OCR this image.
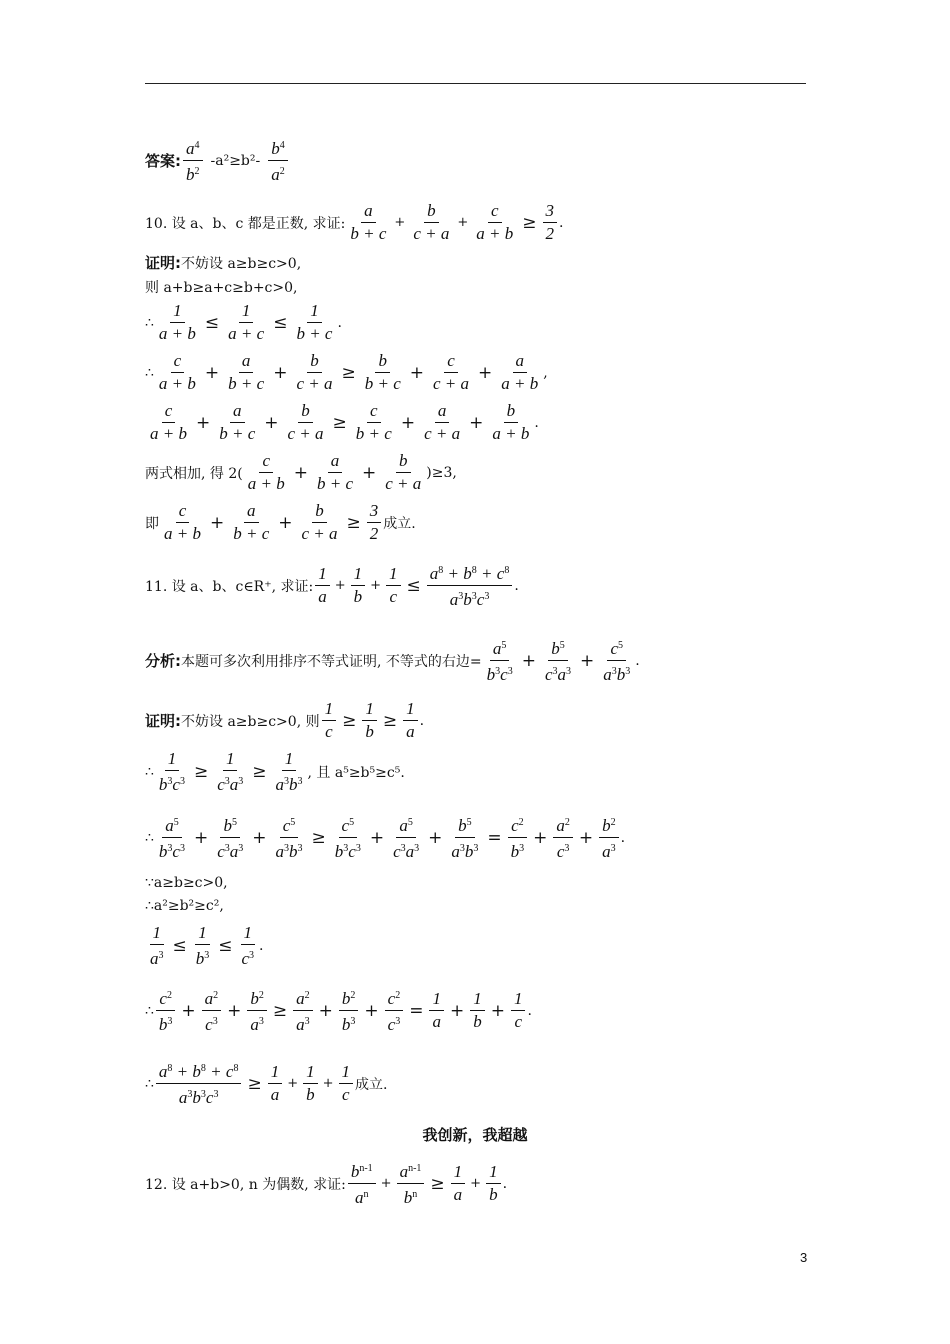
答案: $\frac{a^4}{b^2} -a^2\ge b^2- \frac{b^4}{a^2}$
10. 设 a、b、c 都是正数, 求证: $\frac{a}{b + c} + \frac{b}{c + a} + \frac{c}{a + b} \ge \frac{3}{2}$ .
证明: 不妨设 a≥b≥c>0,
则 a+b≥a+c≥b+c>0,
∴ $\frac{1}{a + b} \le \frac{1}{a + c} \le \frac{1}{b + c}$ .
∴ $\frac{c}{a + b} + \frac{a}{b + c} + \frac{b}{c + a} \ge \frac{b}{b + c} + \frac{c}{c + a} + \frac{a}{a + b}$ ,
$\frac{c}{a + b} + \frac{a}{b + c} + \frac{b}{c + a} \ge \frac{c}{b + c} + \frac{a}{c + a} + \frac{b}{a + b}$ .
两式相加, 得 $2( \frac{c}{a + b} + \frac{a}{b + c} + \frac{b}{c + a} )\ge 3$,
即 $\frac{c}{a + b} + \frac{a}{b + c} + \frac{b}{c + a} \ge \frac{3}{2}$ 成立.
11. 设 a、b、c∈R⁺, 求证: $\frac{1}{a} + \frac{1}{b} + \frac{1}{c} \le \frac{a^8 + b^8 + c^8}{a^3b^3c^3}$ .
分析: 本题可多次利用排序不等式证明, 不等式的右边= $\frac{a^5}{b^3c^3} + \frac{b^5}{c^3a^3} + \frac{c^5}{a^3b^3}$ .
证明: 不妨设 a≥b≥c>0, 则 $\frac{1}{c} \ge \frac{1}{b} \ge \frac{1}{a}$ .
∴ $\frac{1}{b^3c^3} \ge \frac{1}{c^3a^3} \ge \frac{1}{a^3b^3}$ , 且 a⁵≥b⁵≥c⁵.
∴ $\frac{a^5}{b^3c^3} + \frac{b^5}{c^3a^3} + \frac{c^5}{a^3b^3} \ge \frac{c^5}{b^3c^3} + \frac{a^5}{c^3a^3} + \frac{b^5}{a^3b^3} = \frac{c^2}{b^3} + \frac{a^2}{c^3} + \frac{b^2}{a^3}$ .
∵a≥b≥c>0,
∴a²≥b²≥c²,
$\frac{1}{a^3} \le \frac{1}{b^3} \le \frac{1}{c^3}$ .
∴ $\frac{c^2}{b^3} + \frac{a^2}{c^3} + \frac{b^2}{a^3} \ge \frac{a^2}{a^3} + \frac{b^2}{b^3} + \frac{c^2}{c^3} = \frac{1}{a} + \frac{1}{b} + \frac{1}{c}$ .
∴ $\frac{a^8 + b^8 + c^8}{a^3b^3c^3} \ge \frac{1}{a} + \frac{1}{b} + \frac{1}{c}$ 成立.
我创新，我超越
12. 设 a+b>0, n 为偶数, 求证: $\frac{b^{n-1}}{a^n} + \frac{a^{n-1}}{b^n} \ge \frac{1}{a} + \frac{1}{b}$ .
3
